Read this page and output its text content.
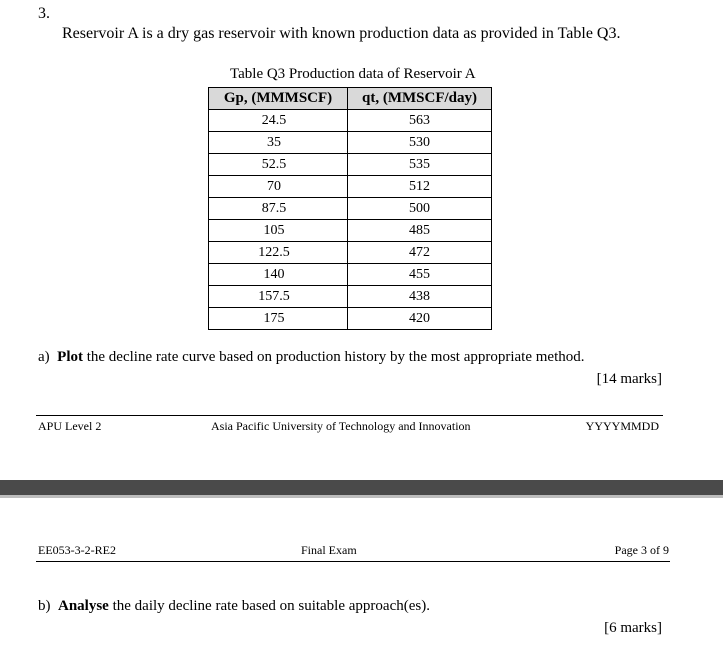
3.
Reservoir A is a dry gas reservoir with known production data as provided in Table Q3.
Table Q3 Production data of Reservoir A
Gp, (MMMSCF)	qt, (MMSCF/day)
24.5	563
35	530
52.5	535
70	512
87.5	500
105	485
122.5	472
140	455
157.5	438
175	420
a) Plot the decline rate curve based on production history by the most appropriate method.
[14 marks]
APU Level 2	Asia Pacific University of Technology and Innovation	YYYYMMDD
EE053-3-2-RE2	Final Exam	Page 3 of 9
b) Analyse the daily decline rate based on suitable approach(es).
[6 marks]
